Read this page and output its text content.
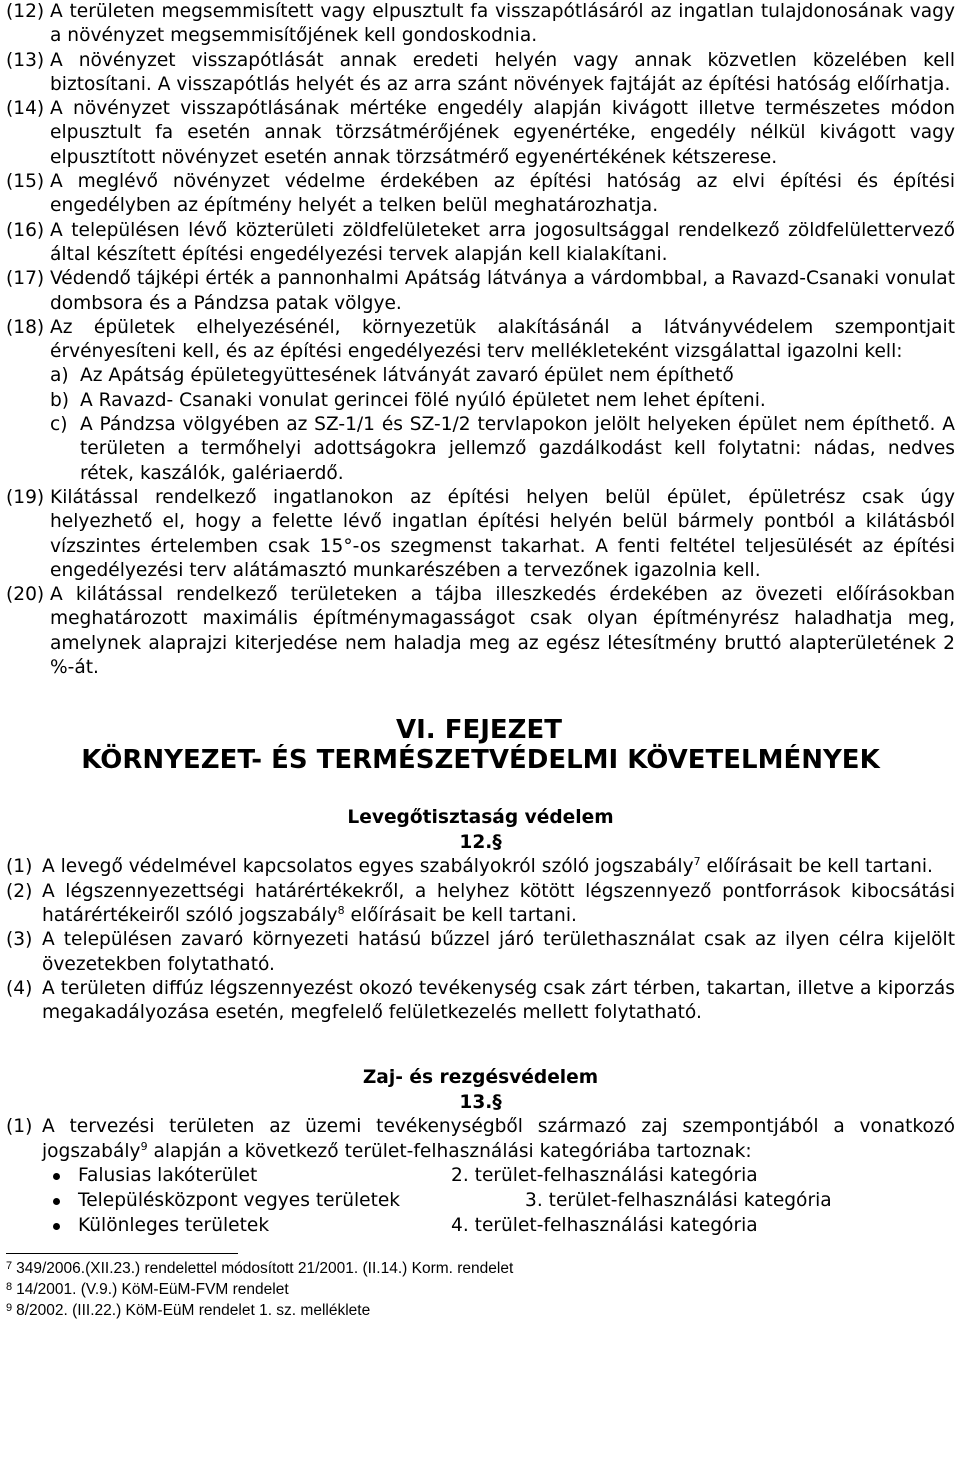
(12) A területen megsemmisített vagy elpusztult fa visszapótlásáról az ingatlan tulajdonosának vagy a növényzet megsemmisítőjének kell gondoskodnia.
(13) A növényzet visszapótlását annak eredeti helyén vagy annak közvetlen közelében kell biztosítani. A visszapótlás helyét és az arra szánt növények fajtáját az építési hatóság előírhatja.
(14) A növényzet visszapótlásának mértéke engedély alapján kivágott illetve természetes módon elpusztult fa esetén annak törzsátmérőjének egyenértéke, engedély nélkül kivágott vagy elpusztított növényzet esetén annak törzsátmérő egyenértékének kétszerese.
(15) A meglévő növényzet védelme érdekében az építési hatóság az elvi építési és építési engedélyben az építmény helyét a telken belül meghatározhatja.
(16) A településen lévő közterületi zöldfelületeket arra jogosultsággal rendelkező zöldfelülettervező által készített építési engedélyezési tervek alapján kell kialakítani.
(17) Védendő tájképi érték a pannonhalmi Apátság látványa a várdombbal, a Ravazd-Csanaki vonulat dombsora és a Pándzsa patak völgye.
(18) Az épületek elhelyezésénél, környezetük alakításánál a látványvédelem szempontjait érvényesíteni kell, és az építési engedélyezési terv mellékleteként vizsgálattal igazolni kell:
a) Az Apátság épületegyüttesének látványát zavaró épület nem építhető
b) A Ravazd- Csanaki vonulat gerincei fölé nyúló épületet nem lehet építeni.
c) A Pándzsa völgyében az SZ-1/1 és SZ-1/2 tervlapokon jelölt helyeken épület nem építhető. A területen a termőhelyi adottságokra jellemző gazdálkodást kell folytatni: nádas, nedves rétek, kaszálók, galériaerdő.
(19) Kilátással rendelkező ingatlanokon az építési helyen belül épület, épületrész csak úgy helyezhető el, hogy a felette lévő ingatlan építési helyén belül bármely pontból a kilátásból vízszintes értelemben csak 15°-os szegmenst takarhat. A fenti feltétel teljesülését az építési engedélyezési terv alátámasztó munkarészében a tervezőnek igazolnia kell.
(20) A kilátással rendelkező területeken a tájba illeszkedés érdekében az övezeti előírásokban meghatározott maximális építménymagasságot csak olyan építményrész haladhatja meg, amelynek alaprajzi kiterjedése nem haladja meg az egész létesítmény bruttó alapterületének 2 %-át.
VI. FEJEZET
KÖRNYEZET- ÉS TERMÉSZETVÉDELMI KÖVETELMÉNYEK
Levegőtisztaság védelem
12.§
(1) A levegő védelmével kapcsolatos egyes szabályokról szóló jogszabály$^7$ előírásait be kell tartani.
(2) A légszennyezettségi határértékekről, a helyhez kötött légszennyező pontforrások kibocsátási határértékeiről szóló jogszabály$^8$ előírásait be kell tartani.
(3) A településen zavaró környezeti hatású bűzzel járó területhasználat csak az ilyen célra kijelölt övezetekben folytatható.
(4) A területen diffúz légszennyezést okozó tevékenység csak zárt térben, takartan, illetve a kiporzás megakadályozása esetén, megfelelő felületkezelés mellett folytatható.
Zaj- és rezgésvédelem
13.§
(1) A tervezési területen az üzemi tevékenységből származó zaj szempontjából a vonatkozó jogszabály$^9$ alapján a következő terület-felhasználási kategóriába tartoznak:
Falusias lakóterület	2. terület-felhasználási kategória
Településközpont vegyes területek	3. terület-felhasználási kategória
Különleges területek	4. terület-felhasználási kategória
$^7$ 349/2006.(XII.23.) rendelettel módosított 21/2001. (II.14.) Korm. rendelet
$^8$ 14/2001. (V.9.) KöM-EüM-FVM rendelet
$^9$ 8/2002. (III.22.) KöM-EüM rendelet 1. sz. melléklete
